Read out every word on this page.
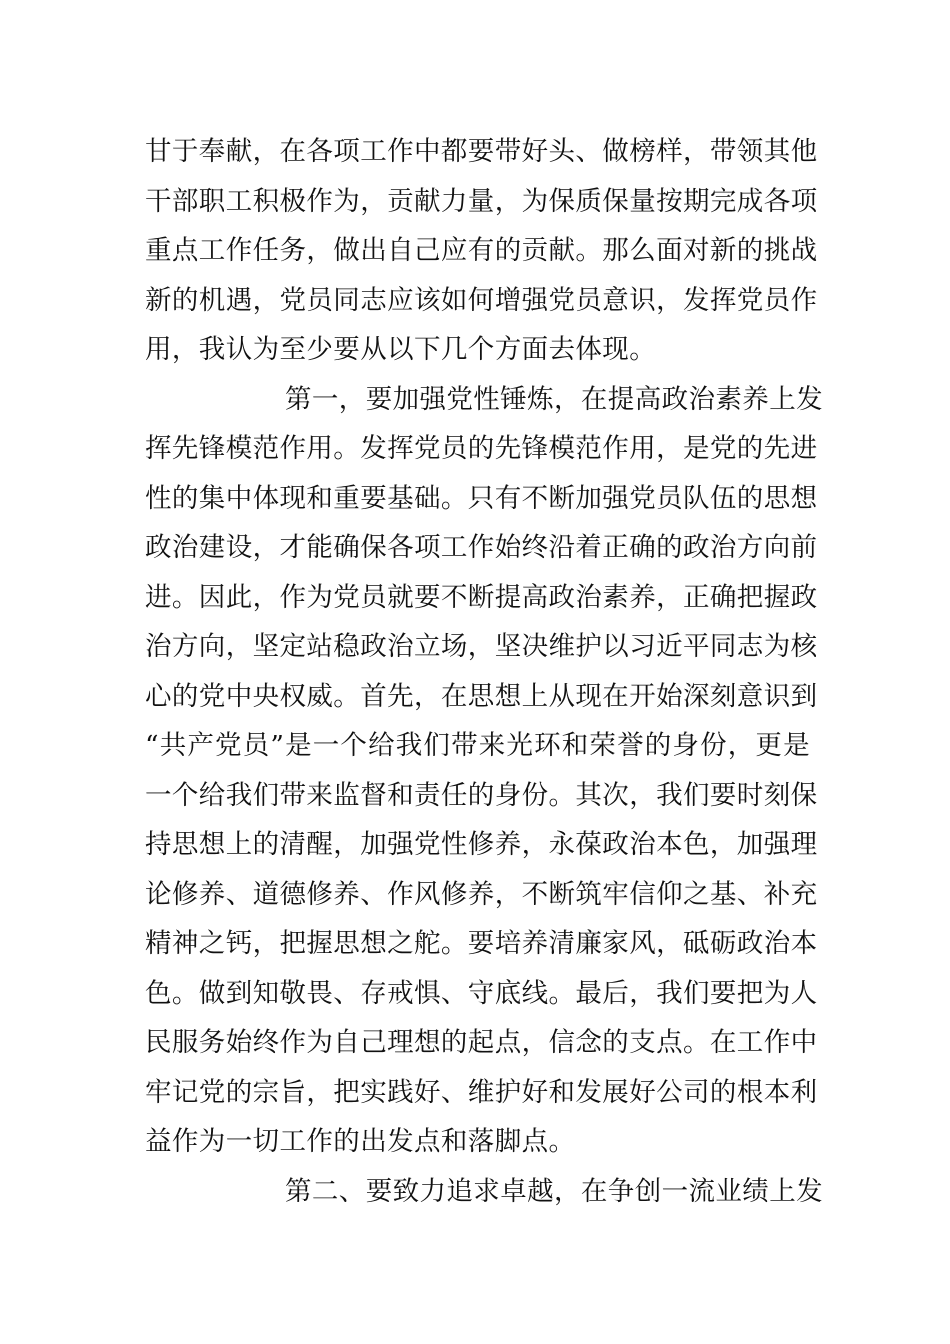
甘于奉献，在各项工作中都要带好头、做榜样，带领其他
干部职工积极作为，贡献力量，为保质保量按期完成各项
重点工作任务，做出自己应有的贡献。那么面对新的挑战
新的机遇，党员同志应该如何增强党员意识，发挥党员作
用，我认为至少要从以下几个方面去体现。
第一，要加强党性锤炼，在提高政治素养上发
挥先锋模范作用。发挥党员的先锋模范作用，是党的先进
性的集中体现和重要基础。只有不断加强党员队伍的思想
政治建设，才能确保各项工作始终沿着正确的政治方向前
进。因此，作为党员就要不断提高政治素养，正确把握政
治方向，坚定站稳政治立场，坚决维护以习近平同志为核
心的党中央权威。首先，在思想上从现在开始深刻意识到
“共产党员”是一个给我们带来光环和荣誉的身份，更是
一个给我们带来监督和责任的身份。其次，我们要时刻保
持思想上的清醒，加强党性修养，永葆政治本色，加强理
论修养、道德修养、作风修养，不断筑牢信仰之基、补充
精神之钙，把握思想之舵。要培养清廉家风，砥砺政治本
色。做到知敬畏、存戒惧、守底线。最后，我们要把为人
民服务始终作为自己理想的起点，信念的支点。在工作中
牢记党的宗旨，把实践好、维护好和发展好公司的根本利
益作为一切工作的出发点和落脚点。
第二、要致力追求卓越，在争创一流业绩上发
